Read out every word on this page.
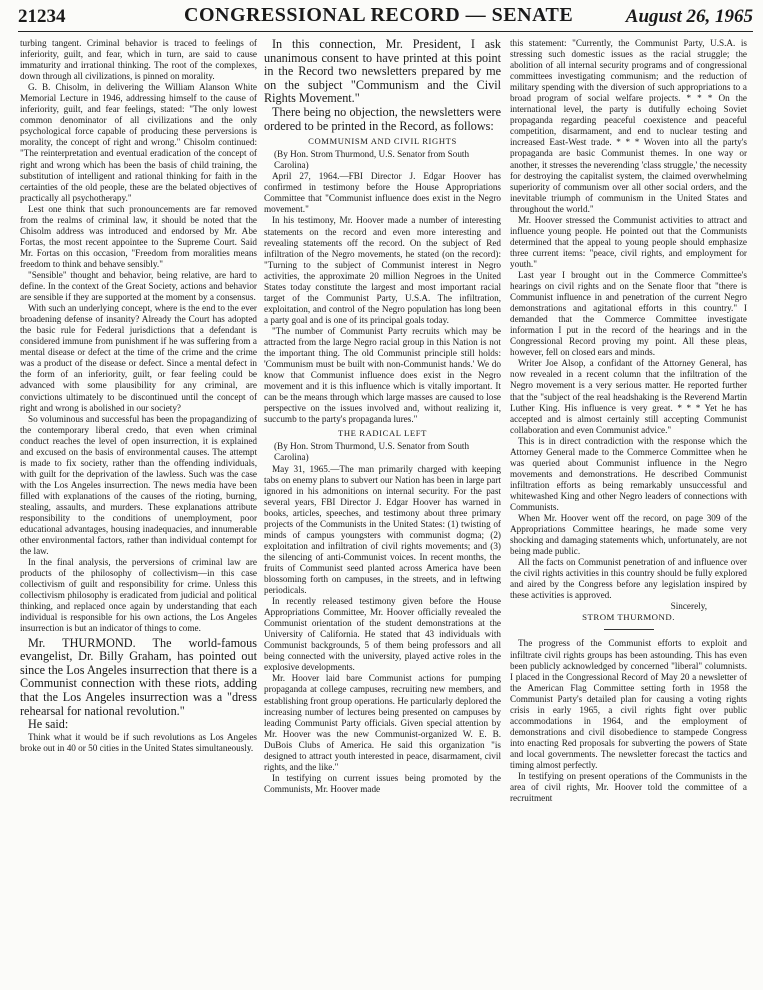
21234	CONGRESSIONAL RECORD — SENATE	August 26, 1965

turbing tangent. Criminal behavior is traced to feelings of inferiority, guilt, and fear, which in turn, are said to cause immaturity and irrational thinking. The root of the complexes, down through all civilizations, is pinned on morality.

G. B. Chisolm, in delivering the William Alanson White Memorial Lecture in 1946, addressing himself to the cause of inferiority, guilt, and fear feelings, stated: "The only lowest common denominator of all civilizations and the only psychological force capable of producing these perversions is morality, the concept of right and wrong." Chisolm continued: "The reinterpretation and eventual eradication of the concept of right and wrong which has been the basis of child training, the substitution of intelligent and rational thinking for faith in the certainties of the old people, these are the belated objectives of practically all psychotherapy."

Lest one think that such pronouncements are far removed from the realms of criminal law, it should be noted that the Chisolm address was introduced and endorsed by Mr. Abe Fortas, the most recent appointee to the Supreme Court. Said Mr. Fortas on this occasion, "Freedom from moralities means freedom to think and behave sensibly."

"Sensible" thought and behavior, being relative, are hard to define. In the context of the Great Society, actions and behavior are sensible if they are supported at the moment by a consensus.

With such an underlying concept, where is the end to the ever broadening defense of insanity? Already the Court has adopted the basic rule for Federal jurisdictions that a defendant is considered immune from punishment if he was suffering from a mental disease or defect at the time of the crime and the crime was a product of the disease or defect. Since a mental defect in the form of an inferiority, guilt, or fear feeling could be advanced with some plausibility for any criminal, are convictions ultimately to be discontinued until the concept of right and wrong is abolished in our society?

So voluminous and successful has been the propagandizing of the contemporary liberal credo, that even when criminal conduct reaches the level of open insurrection, it is explained and excused on the basis of environmental causes. The attempt is made to fix society, rather than the offending individuals, with guilt for the deprivation of the lawless. Such was the case with the Los Angeles insurrection. The news media have been filled with explanations of the causes of the rioting, burning, stealing, assaults, and murders. These explanations attribute responsibility to the conditions of unemployment, poor educational advantages, housing inadequacies, and innumerable other environmental factors, rather than individual contempt for the law.

In the final analysis, the perversions of criminal law are products of the philosophy of collectivism—in this case collectivism of guilt and responsibility for crime. Unless this collectivism philosophy is eradicated from judicial and political thinking, and replaced once again by understanding that each individual is responsible for his own actions, the Los Angeles insurrection is but an indicator of things to come.

Mr. THURMOND. The world-famous evangelist, Dr. Billy Graham, has pointed out since the Los Angeles insurrection that there is a Communist connection with these riots, adding that the Los Angeles insurrection was a "dress rehearsal for national revolution."

He said:

Think what it would be if such revolutions as Los Angeles broke out in 40 or 50 cities in the United States simultaneously.

In this connection, Mr. President, I ask unanimous consent to have printed at this point in the Record two newsletters prepared by me on the subject "Communism and the Civil Rights Movement."

There being no objection, the newsletters were ordered to be printed in the Record, as follows:

COMMUNISM AND CIVIL RIGHTS

(By Hon. Strom Thurmond, U.S. Senator from South Carolina)

April 27, 1964.—FBI Director J. Edgar Hoover has confirmed in testimony before the House Appropriations Committee that "Communist influence does exist in the Negro movement."

In his testimony, Mr. Hoover made a number of interesting statements on the record and even more interesting and revealing statements off the record. On the subject of Red infiltration of the Negro movements, he stated (on the record): "Turning to the subject of Communist interest in Negro activities, the approximate 20 million Negroes in the United States today constitute the largest and most important racial target of the Communist Party, U.S.A. The infiltration, exploitation, and control of the Negro population has long been a party goal and is one of its principal goals today.

"The number of Communist Party recruits which may be attracted from the large Negro racial group in this Nation is not the important thing. The old Communist principle still holds: 'Communism must be built with non-Communist hands.' We do know that Communist influence does exist in the Negro movement and it is this influence which is vitally important. It can be the means through which large masses are caused to lose perspective on the issues involved and, without realizing it, succumb to the party's propaganda lures."

THE RADICAL LEFT

(By Hon. Strom Thurmond, U.S. Senator from South Carolina)

May 31, 1965.—The man primarily charged with keeping tabs on enemy plans to subvert our Nation has been in large part ignored in his admonitions on internal security. For the past several years, FBI Director J. Edgar Hoover has warned in books, articles, speeches, and testimony about three primary projects of the Communists in the United States: (1) twisting of minds of campus youngsters with communist dogma; (2) exploitation and infiltration of civil rights movements; and (3) the silencing of anti-Communist voices. In recent months, the fruits of Communist seed planted across America have been blossoming forth on campuses, in the streets, and in leftwing periodicals.

In recently released testimony given before the House Appropriations Committee, Mr. Hoover officially revealed the Communist orientation of the student demonstrations at the University of California. He stated that 43 individuals with Communist backgrounds, 5 of them being professors and all being connected with the university, played active roles in the explosive developments.

Mr. Hoover laid bare Communist actions for pumping propaganda at college campuses, recruiting new members, and establishing front group operations. He particularly deplored the increasing number of lectures being presented on campuses by leading Communist Party officials. Given special attention by Mr. Hoover was the new Communist-organized W. E. B. DuBois Clubs of America. He said this organization "is designed to attract youth interested in peace, disarmament, civil rights, and the like."

In testifying on current issues being promoted by the Communists, Mr. Hoover made

this statement: "Currently, the Communist Party, U.S.A. is stressing such domestic issues as the racial struggle; the abolition of all internal security programs and of congressional committees investigating communism; and the reduction of military spending with the diversion of such appropriations to a broad program of social welfare projects. * * * On the international level, the party is dutifully echoing Soviet propaganda regarding peaceful coexistence and peaceful competition, disarmament, and end to nuclear testing and increased East-West trade. * * * Woven into all the party's propaganda are basic Communist themes. In one way or another, it stresses the neverending 'class struggle,' the necessity for destroying the capitalist system, the claimed overwhelming superiority of communism over all other social orders, and the inevitable triumph of communism in the United States and throughout the world."

Mr. Hoover stressed the Communist activities to attract and influence young people. He pointed out that the Communists determined that the appeal to young people should emphasize three current items: "peace, civil rights, and employment for youth."

Last year I brought out in the Commerce Committee's hearings on civil rights and on the Senate floor that "there is Communist influence in and penetration of the current Negro demonstrations and agitational efforts in this country." I demanded that the Commerce Committee investigate information I put in the record of the hearings and in the Congressional Record proving my point. All these pleas, however, fell on closed ears and minds.

Writer Joe Alsop, a confidant of the Attorney General, has now revealed in a recent column that the infiltration of the Negro movement is a very serious matter. He reported further that the "subject of the real headshaking is the Reverend Martin Luther King. His influence is very great. * * * Yet he has accepted and is almost certainly still accepting Communist collaboration and even Communist advice."

This is in direct contradiction with the response which the Attorney General made to the Commerce Committee when he was queried about Communist influence in the Negro movements and demonstrations. He described Communist infiltration efforts as being remarkably unsuccessful and whitewashed King and other Negro leaders of connections with Communists.

When Mr. Hoover went off the record, on page 309 of the Appropriations Committee hearings, he made some very shocking and damaging statements which, unfortunately, are not being made public.

All the facts on Communist penetration of and influence over the civil rights activities in this country should be fully explored and aired by the Congress before any legislation inspired by these activities is approved.

Sincerely,

STROM THURMOND.

The progress of the Communist efforts to exploit and infiltrate civil rights groups has been astounding. This has even been publicly acknowledged by concerned "liberal" columnists. I placed in the Congressional Record of May 20 a newsletter of the American Flag Committee setting forth in 1958 the Communist Party's detailed plan for causing a voting rights crisis in early 1965, a civil rights fight over public accommodations in 1964, and the employment of demonstrations and civil disobedience to stampede Congress into enacting Red proposals for subverting the powers of State and local governments. The newsletter forecast the tactics and timing almost perfectly.

In testifying on present operations of the Communists in the area of civil rights, Mr. Hoover told the committee of a recruitment
